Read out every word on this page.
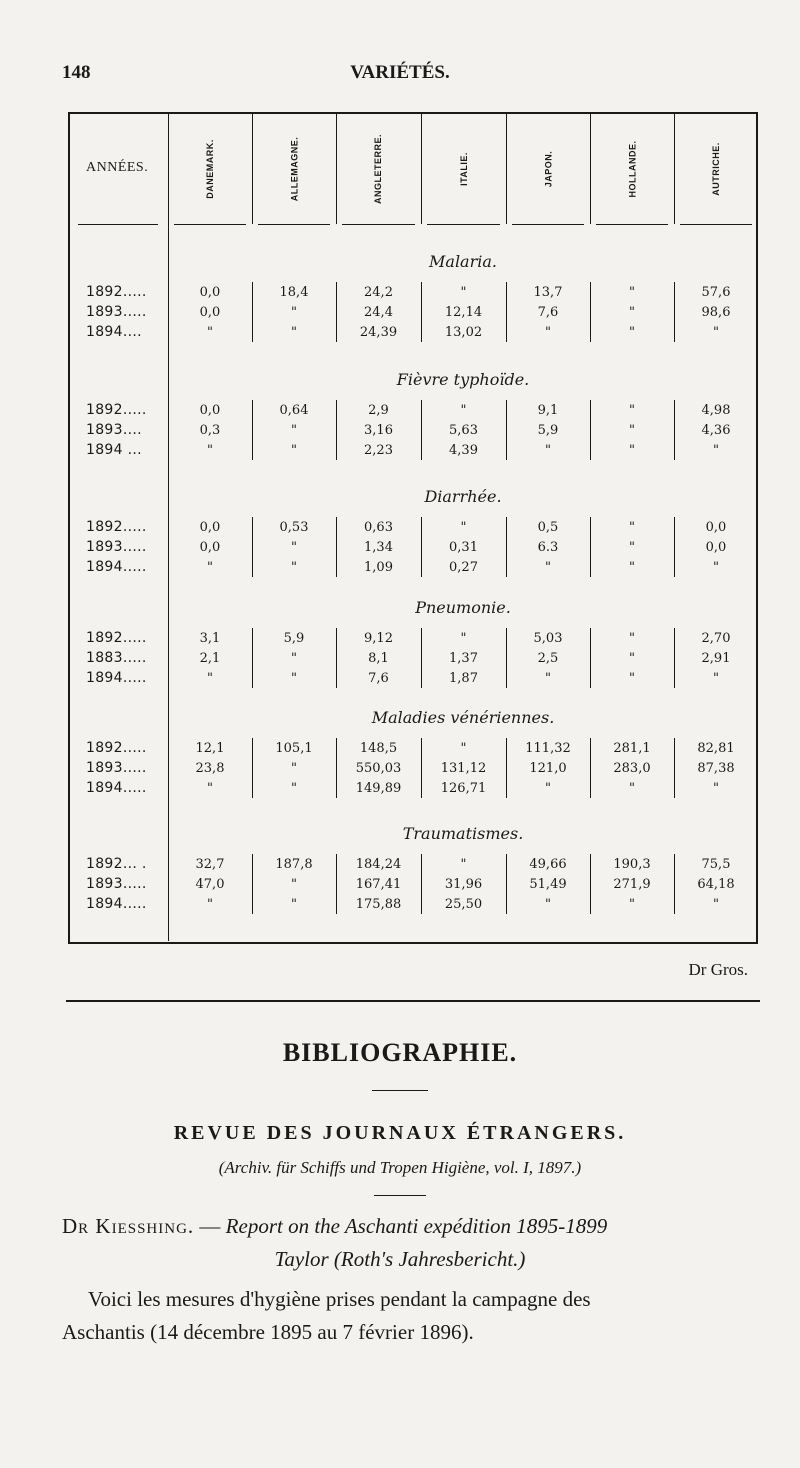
148	VARIÉTÉS.
ANNÉES.	DANEMARK.	ALLEMAGNE.	ANGLETERRE.	ITALIE.	JAPON.	HOLLANDE.	AUTRICHE.
Malaria.
1892.....	0,0	18,4	24,2	"	13,7	"	57,6
1893.....	0,0	"	24,4	12,14	7,6	"	98,6
1894....	"	"	24,39	13,02	"	"	"
Fièvre typhoïde.
1892.....	0,0	0,64	2,9	"	9,1	"	4,98
1893....	0,3	"	3,16	5,63	5,9	"	4,36
1894 ...	"	"	2,23	4,39	"	"	"
Diarrhée.
1892.....	0,0	0,53	0,63	"	0,5	"	0,0
1893.....	0,0	"	1,34	0,31	6.3	"	0,0
1894.....	"	"	1,09	0,27	"	"	"
Pneumonie.
1892.....	3,1	5,9	9,12	"	5,03	"	2,70
1883.....	2,1	"	8,1	1,37	2,5	"	2,91
1894.....	"	"	7,6	1,87	"	"	"
Maladies vénériennes.
1892.....	12,1	105,1	148,5	"	111,32	281,1	82,81
1893.....	23,8	"	550,03	131,12	121,0	283,0	87,38
1894.....	"	"	149,89	126,71	"	"	"
Traumatismes.
1892... .	32,7	187,8	184,24	"	49,66	190,3	75,5
1893.....	47,0	"	167,41	31,96	51,49	271,9	64,18
1894.....	"	"	175,88	25,50	"	"	"
Dr Gros.
BIBLIOGRAPHIE.
REVUE DES JOURNAUX ÉTRANGERS.
(Archiv. für Schiffs und Tropen Higiène, vol. I, 1897.)
Dr Kiesshing. — Report on the Aschanti expédition 1895-1899
Taylor (Roth's Jahresbericht.)
Voici les mesures d'hygiène prises pendant la campagne des
Aschantis (14 décembre 1895 au 7 février 1896).
